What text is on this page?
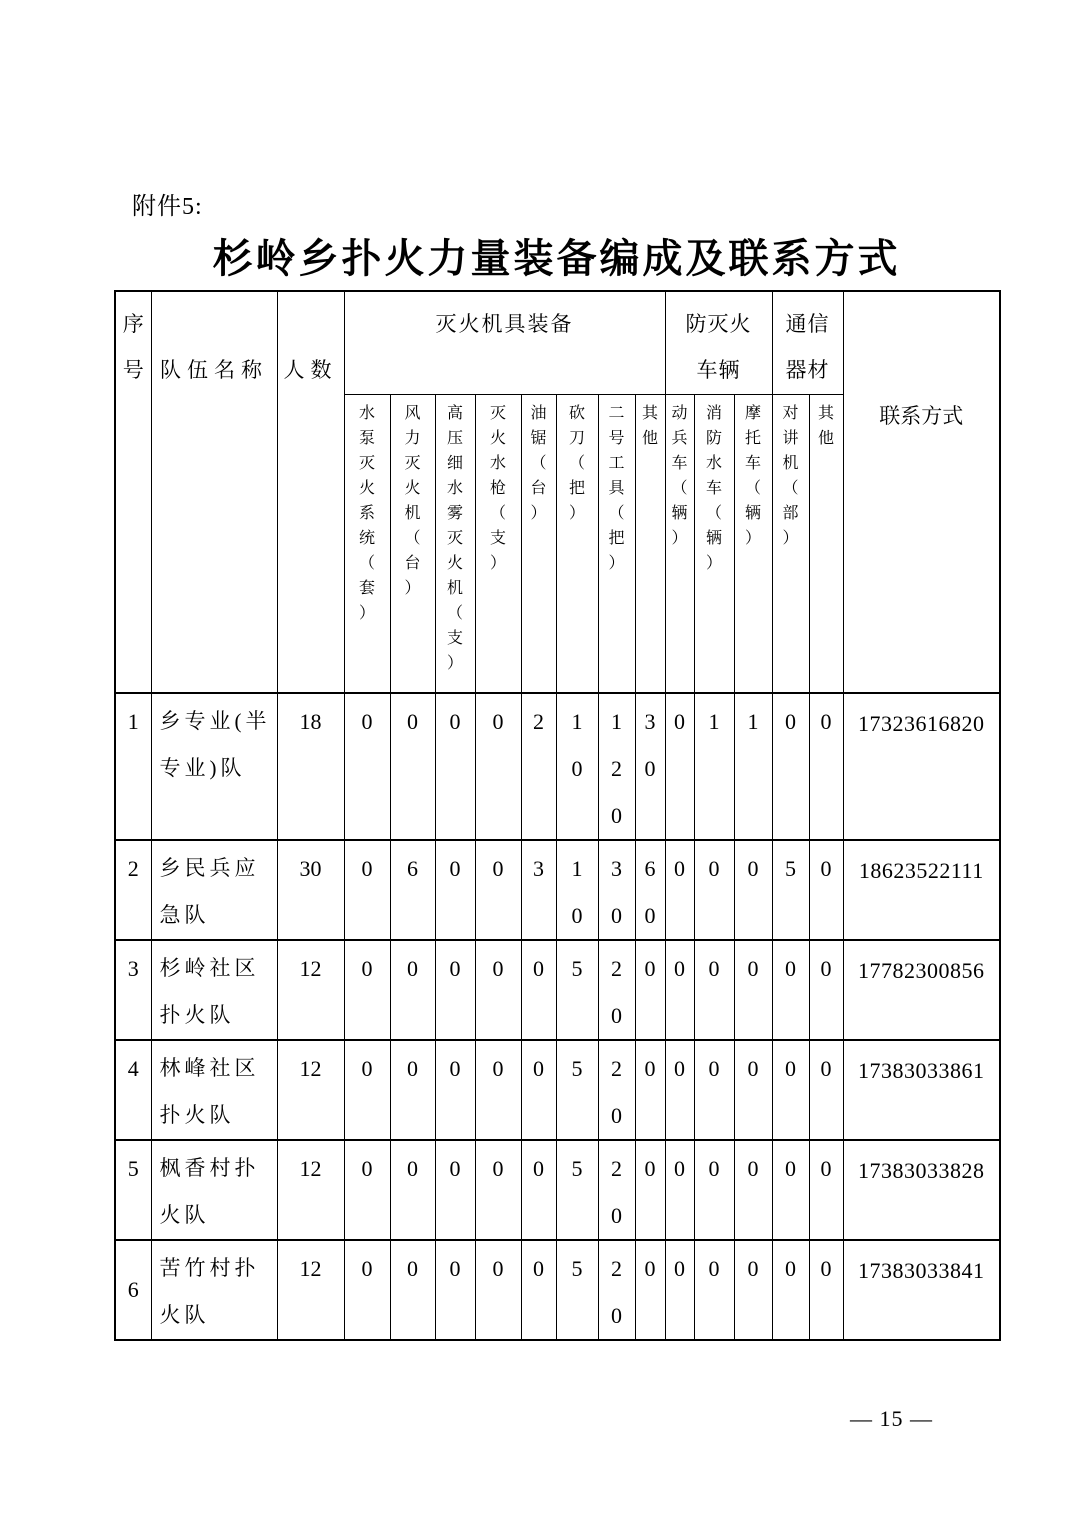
附件5:
杉岭乡扑火力量装备编成及联系方式
序号	队伍名称	人数	灭火机具装备								防灭火车辆			通信器材		联系方式
			水泵灭火系统（套）	风力灭火机（台）	高压细水雾灭火机（支）	灭火水枪（支）	油锯（台）	砍刀（把）	二号工具（把）	其他	动兵车（辆）	消防水车（辆）	摩托车（辆）	对讲机（部）	其他	
1	乡专业(半专业)队	18	0	0	0	0	2	10	120	30	0	1	1	0	0	17323616820
2	乡民兵应急队	30	0	6	0	0	3	10	30	60	0	0	0	5	0	18623522111
3	杉岭社区扑火队	12	0	0	0	0	0	5	20	0	0	0	0	0	0	17782300856
4	林峰社区扑火队	12	0	0	0	0	0	5	20	0	0	0	0	0	0	17383033861
5	枫香村扑火队	12	0	0	0	0	0	5	20	0	0	0	0	0	0	17383033828
6	苦竹村扑火队	12	0	0	0	0	0	5	20	0	0	0	0	0	0	17383033841
— 15 —
